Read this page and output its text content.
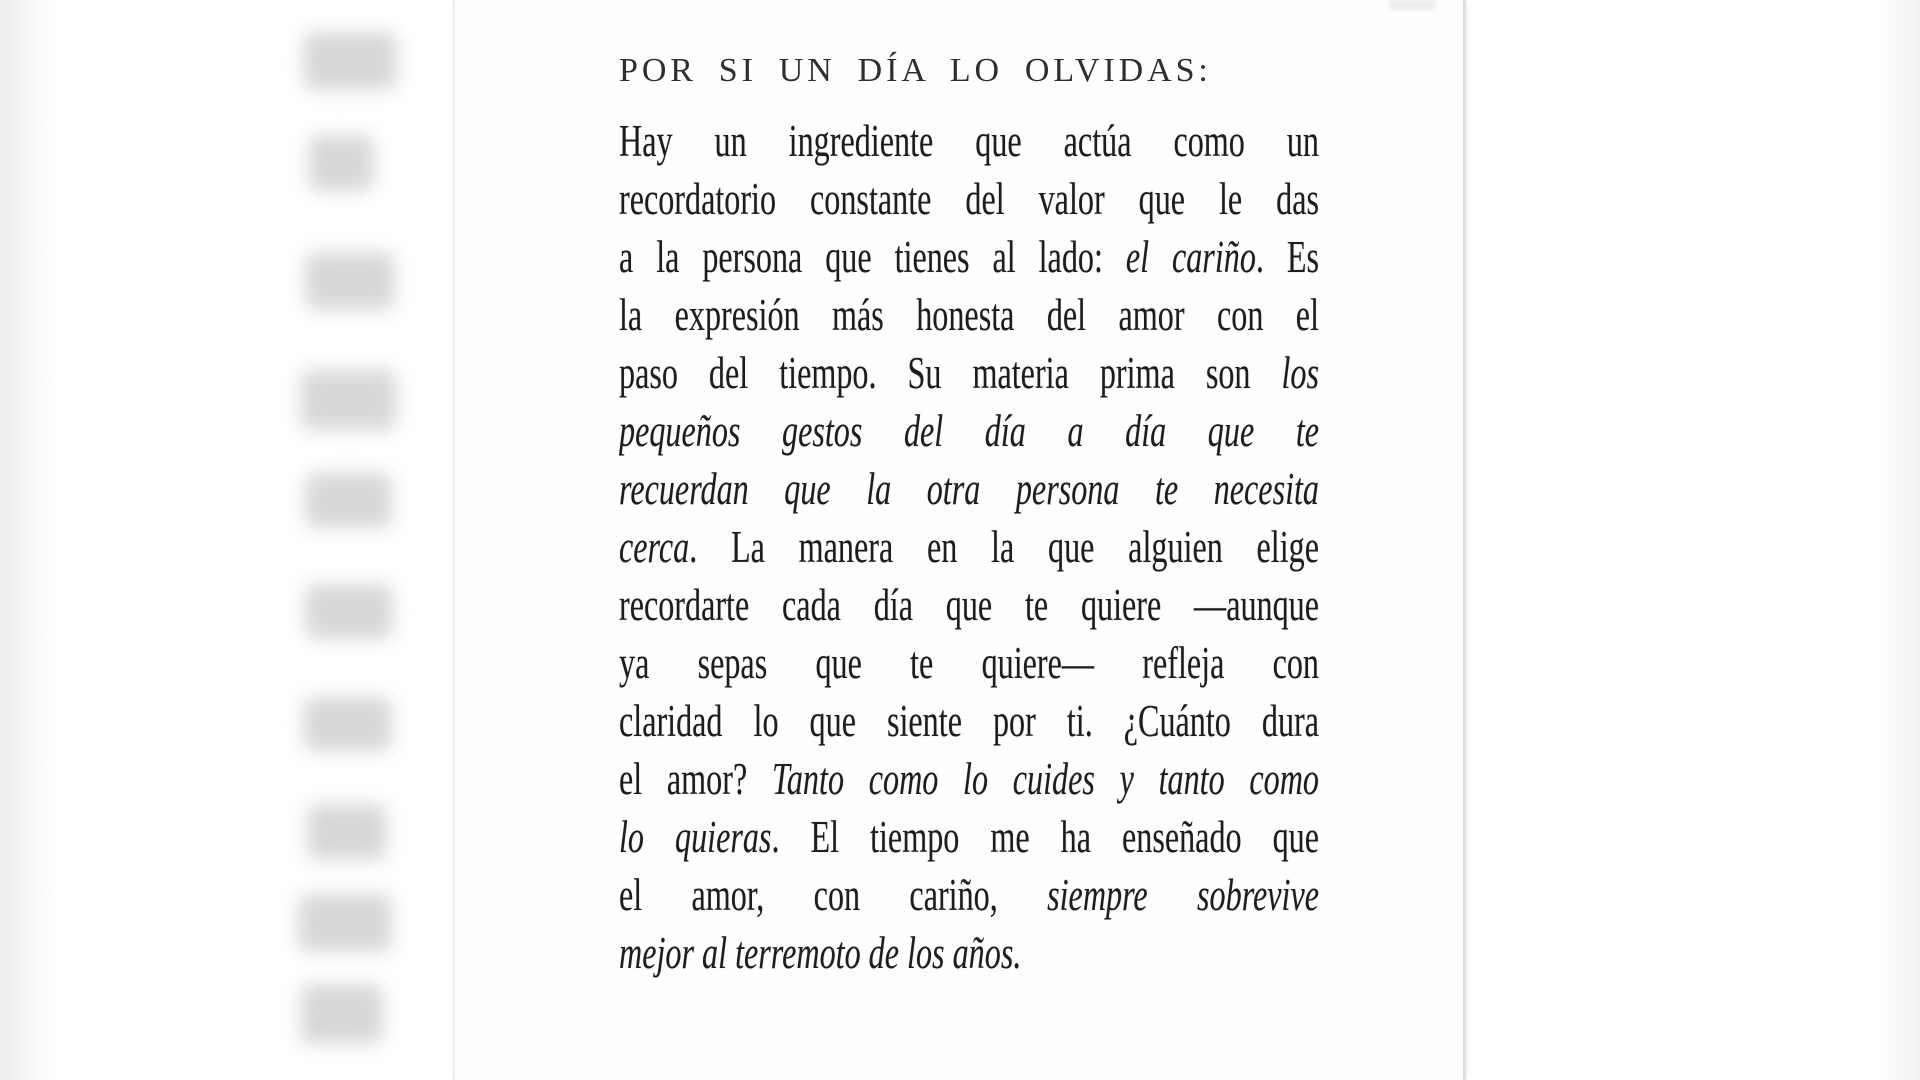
POR SI UN DÍA LO OLVIDAS:
Hay un ingrediente que actúa como un
recordatorio constante del valor que le das
a la persona que tienes al lado: el cariño. Es
la expresión más honesta del amor con el
paso del tiempo. Su materia prima son los
pequeños gestos del día a día que te
recuerdan que la otra persona te necesita
cerca. La manera en la que alguien elige
recordarte cada día que te quiere —aunque
ya sepas que te quiere— refleja con
claridad lo que siente por ti. ¿Cuánto dura
el amor? Tanto como lo cuides y tanto como
lo quieras. El tiempo me ha enseñado que
el amor, con cariño, siempre sobrevive
mejor al terremoto de los años.
